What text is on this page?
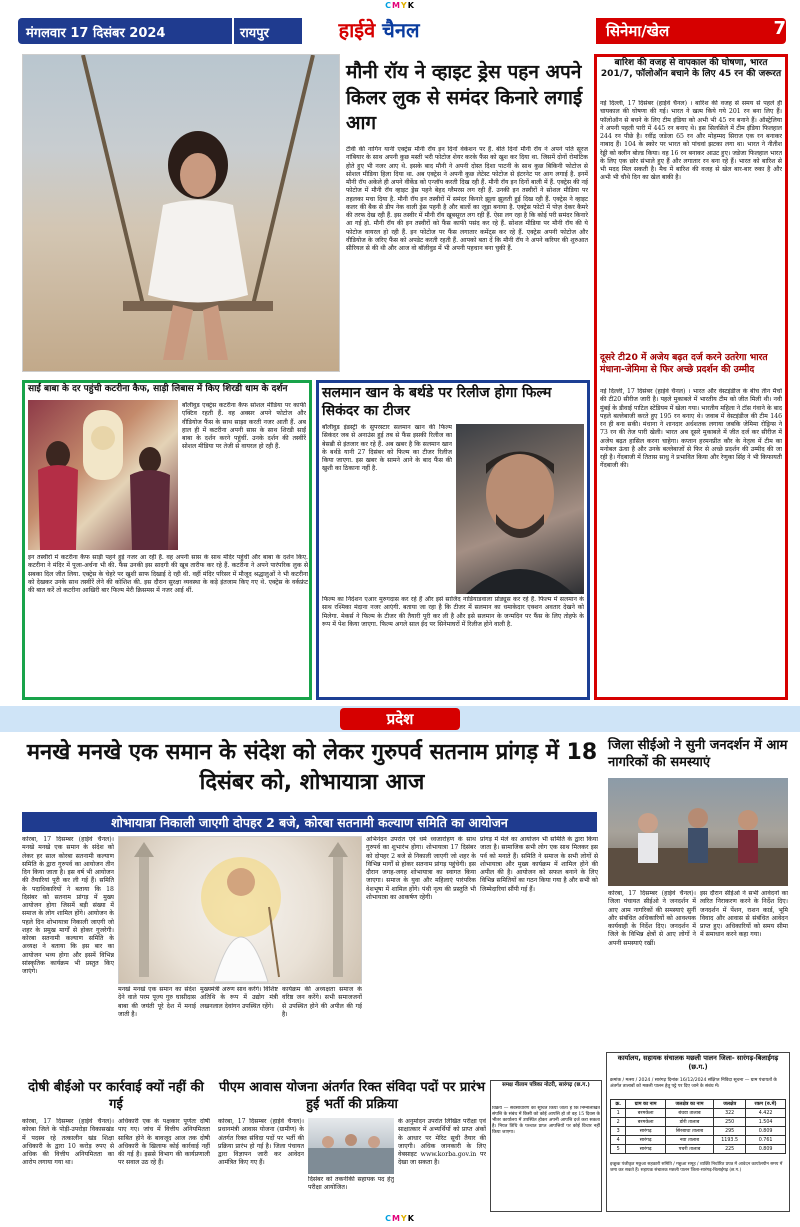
CMYK
मंगलवार 17 दिसंबर 2024	रायपुर	हाईवे चैनल	सिनेमा/खेल	7
मौनी रॉय ने व्हाइट ड्रेस पहन अपने किलर लुक से समंदर किनारे लगाई आग
टीवी की नागिन यानी एक्ट्रेस मौनी रॉय इन दिनों वेकेशन पर हैं. बीते दिनों मौनी रॉय ने अपने पति सूरज नांबियार के साथ अपनी कुछ मस्ती भरी फोटोज शेयर करके फैंस को खुश कर दिया था. जिसमें दोनों रोमांटिक होते हुए भी नजर आए थे. इसके बाद मौनी ने अपनी दोस्त दिशा पाटनी के साथ कुछ बिकिनी फोटोज से सोशल मीडिया हिला दिया था. अब एक्ट्रेस ने अपनी कुछ लेटेस्ट फोटोज से इंटरनेट पर आग लगाई है. इनमें मौनी रॉय अकेले ही अपने वीकेंड को एन्जॉय करती दिख रही हैं. मौनी रॉय इन दिनों बाली में हैं. एक्ट्रेस की नई फोटोज में मौनी रॉय व्हाइट ड्रेस पहने बेहद ग्लैमरस लग रही हैं. उनकी इन तस्वीरों ने सोशल मीडिया पर तहलका मचा दिया है. मौनी रॉय इन तस्वीरों में समंदर किनारे झूला झूलती हुई दिख रही हैं. एक्ट्रेस ने व्हाइट कलर की बैक से डीप नेक वाली ड्रेस पहनी है और बालों का जूड़ा बनाया है. एक्ट्रेस फोटो में पोज़ देकर कैमरे की तरफ देख रही हैं. इस तस्वीर में मौनी रॉय खूबसूरत लग रही हैं. ऐसा लग रहा है कि कोई परी समंदर किनारे आ गई हो. मौनी रॉय की इन तस्वीरों को फैंस काफी पसंद कर रहे हैं. सोशल मीडिया पर मौनी रॉय की ये फोटोज वायरल हो रही हैं. इन फोटोज पर फैंस लगातार कमेंट्स कर रहे हैं. एक्ट्रेस अपनी फोटोज और वीडियोज के जरिए फैंस को अपडेट करती रहती हैं. आपको बता दें कि मौनी रॉय ने अपने करियर की शुरुआत सीरियल से की थी और आज वो बॉलीवुड में भी अपनी पहचान बना चुकी हैं.
बारिश की वजह से वापकाल की घोषणा, भारत 201/7, फॉलोऑन बचाने के लिए 45 रन की जरूरत
नई दिल्ली, 17 दिसंबर (हाईवे चैनल) । बारिश की वजह से समय से पहले ही चायकाल की घोषणा की गई। भारत ने खत्म किये गये 201 रन बना लिए हैं। फॉलोऑन से बचने के लिए टीम इंडिया को अभी भी 45 रन बनाने हैं। ऑस्ट्रेलिया ने अपनी पहली पारी में 445 रन बनाए थे। इस सिलसिले में टीम इंडिया फिलहाल 244 रन पीछे है। रवींद्र जडेजा 65 रन और मोहम्मद सिराज एक रन बनाकर नाबाद हैं। 104 के स्कोर पर भारत को पांचवां झटका लगा था। भारत ने नीतीश रेड्डी को क्लीन बोल्ड किया। वह 16 रन बनाकर आउट हुए। जडेजा फिलहाल भारत के लिए एक छोर संभाले हुए हैं और लगातार रन बना रहे हैं। भारत को बारिश से भी मदद मिल सकती है। मैच में बारिश की वजह से खेल बार-बार रुका है और अभी भी चौथे दिन का खेल बाकी है।
दूसरे टी20 में अजेय बढ़त दर्ज करने उतरेगा भारत मंधाना-जेमिमा से फिर अच्छे प्रदर्शन की उम्मीद
नई दिल्ली, 17 दिसंबर (हाईवे चैनल) । भारत और वेस्टइंडीज के बीच तीन मैचों की टी20 सीरीज जारी है। पहले मुकाबले में भारतीय टीम को जीत मिली थी। नवी मुंबई के डीवाई पाटिल स्टेडियम में खेला गया। भारतीय महिला ने टॉस गंवाने के बाद पहले बल्लेबाजी करते हुए 195 रन बनाए थे। जवाब में वेस्टइंडीज की टीम 146 रन ही बना सकी। मंधाना ने शानदार अर्धशतक लगाया जबकि जेमिमा रोड्रिग्स ने 73 रन की तेज पारी खेली। भारत अब दूसरे मुकाबले में जीत दर्ज कर सीरीज में अजेय बढ़त हासिल करना चाहेगा। कप्तान हरमनप्रीत कौर के नेतृत्व में टीम का मनोबल ऊंचा है और उनके बल्लेबाजों से फिर से अच्छे प्रदर्शन की उम्मीद की जा रही है। गेंदबाजी में तितास साधु ने प्रभावित किया और रेणुका सिंह ने भी किफायती गेंदबाजी की।
साईं बाबा के दर पहुंची कटरीना कैफ, साड़ी लिबास में किए शिरडी धाम के दर्शन
बॉलीवुड एक्ट्रेस कटरीना कैफ सोशल मीडिया पर काफी एक्टिव रहती हैं. वह अक्सर अपने फोटोज और वीडियोज फैंस के साथ साझा करती नजर आती हैं. अब हाल ही में कटरीना अपनी सास के साथ शिरडी साईं बाबा के दर्शन करने पहुंचीं. उनके दर्शन की तस्वीरें सोशल मीडिया पर तेजी से वायरल हो रही हैं.
इन तस्वीरों में कटरीना कैफ साड़ी पहने हुई नजर आ रही हैं. वह अपनी सास के साथ मंदिर पहुंचीं और बाबा के दर्शन किए. कटरीना ने मंदिर में पूजा-अर्चना भी की. फैंस उनकी इस सादगी की खूब तारीफ कर रहे हैं. कटरीना ने अपने पारंपरिक लुक से सबका दिल जीत लिया. एक्ट्रेस के चेहरे पर खुशी साफ दिखाई दे रही थी. वहीं मंदिर परिसर में मौजूद श्रद्धालुओं ने भी कटरीना को देखकर उनके साथ तस्वीरें लेने की कोशिश की. इस दौरान सुरक्षा व्यवस्था के कड़े इंतजाम किए गए थे. एक्ट्रेस के वर्कफ्रंट की बात करें तो कटरीना आखिरी बार फिल्म मेरी क्रिसमस में नजर आई थीं.
सलमान खान के बर्थडे पर रिलीज होगा फिल्म सिकंदर का टीजर
बॉलीवुड इंडस्ट्री के सुपरस्टार सलमान खान की फिल्म सिकंदर जब से अनाउंस हुई तब से फैंस इसकी रिलीज का बेसब्री से इंतजार कर रहे हैं. अब खबर है कि सलमान खान के बर्थडे यानी 27 दिसंबर को फिल्म का टीजर रिलीज किया जाएगा. इस खबर के सामने आने के बाद फैंस की खुशी का ठिकाना नहीं है.
फिल्म का निर्देशन एआर मुरुगदास कर रहे हैं और इसे साजिद नाडियाडवाला प्रोड्यूस कर रहे हैं. फिल्म में सलमान के साथ रश्मिका मंदाना नजर आएंगी. बताया जा रहा है कि टीजर में सलमान का धमाकेदार एक्शन अवतार देखने को मिलेगा. मेकर्स ने फिल्म के टीजर की तैयारी पूरी कर ली है और इसे सलमान के जन्मदिन पर फैंस के लिए तोहफे के रूप में पेश किया जाएगा. फिल्म अगले साल ईद पर सिनेमाघरों में रिलीज होने वाली है.
प्रदेश
मनखे मनखे एक समान के संदेश को लेकर गुरुपर्व सतनाम प्रांगड़ में 18 दिसंबर को, शोभायात्रा आज
शोभायात्रा निकाली जाएगी दोपहर 2 बजे, कोरबा सतनामी कल्याण समिति का आयोजन
कोरबा, 17 दिसम्बर (हाईवे चैनल)। मनखे मनखे एक समान के संदेश को लेकर हर साल कोरबा सतनामी कल्याण समिति के द्वारा गुरुपर्व का आयोजन तीन दिन किया जाता है। इस वर्ष भी आयोजन की तैयारियां पूरी कर ली गई हैं। समिति के पदाधिकारियों ने बताया कि 18 दिसंबर को सतनाम प्रांगड़ में मुख्य आयोजन होगा जिसमें बड़ी संख्या में समाज के लोग शामिल होंगे। आयोजन के पहले दिन शोभायात्रा निकाली जाएगी जो शहर के प्रमुख मार्गों से होकर गुजरेगी। कोरबा सतनामी कल्याण समिति के अध्यक्ष ने बताया कि इस बार का आयोजन भव्य होगा और इसमें विभिन्न सांस्कृतिक कार्यक्रम भी प्रस्तुत किए जाएंगे।
मनखे मनखे एक समान का संदेश देने वाले परम पूज्य गुरु घासीदास बाबा की जयंती पूरे देश में मनाई जाती है।
मुख्यमंत्री अरुण साव करेंगे। विशिष्ट अतिथि के रूप में उद्योग मंत्री लखनलाल देवांगन उपस्थित रहेंगे।
कार्यक्रम की अध्यक्षता समाज के वरिष्ठ जन करेंगे। सभी समाजजनों से उपस्थित होने की अपील की गई है।
अभिनंदन उपरांत एवं धर्म ध्वजारोहण के साथ गुरुपर्व का शुभारंभ होगा। शोभायात्रा 17 दिसंबर को दोपहर 2 बजे से निकाली जाएगी जो शहर के विभिन्न मार्गों से होकर सतनाम प्रांगड़ पहुंचेगी। इस दौरान जगह-जगह शोभायात्रा का स्वागत किया जाएगा। समाज के युवा और महिलाएं पारंपरिक वेशभूषा में शामिल होंगे। पंथी नृत्य की प्रस्तुति भी शोभायात्रा का आकर्षण रहेगी।
प्रांगड़ में मेले का आयोजन भी समिति के द्वारा किया जाता है। सामाजिक सभी लोग एक साथ मिलकर इस पर्व को मनाते हैं। समिति ने समाज के सभी लोगों से शोभायात्रा और मुख्य कार्यक्रम में शामिल होने की अपील की है। आयोजन को सफल बनाने के लिए विभिन्न समितियों का गठन किया गया है और सभी को जिम्मेदारियां सौंपी गई हैं।
जिला सीईओ ने सुनी जनदर्शन में आम नागरिकों की समस्याएं
कोरबा, 17 दिसम्बर (हाईवे चैनल)। जिला पंचायत सीईओ ने जनदर्शन में आए आम नागरिकों की समस्याएं सुनीं और संबंधित अधिकारियों को आवश्यक कार्यवाही के निर्देश दिए। जनदर्शन में जिले के विभिन्न क्षेत्रों से आए लोगों ने अपनी समस्याएं रखीं।
इस दौरान सीईओ ने सभी आवेदनों का त्वरित निराकरण करने के निर्देश दिए। जनदर्शन में पेंशन, राशन कार्ड, भूमि विवाद और आवास से संबंधित आवेदन प्राप्त हुए। अधिकारियों को समय सीमा में समाधान करने कहा गया।
कार्यालय, सहायक संचालक मछली पालन जिला- सारंगढ़-बिलाईगढ़ (छ.ग.)
क्रमांक / मत्स्य / 2024 / सारंगढ़ दिनांक 16/12/2024 संक्षिप्त निविदा सूचना — ग्राम पंचायतों के अंतर्गत तालाबों को मछली पालन हेतु पट्टे पर दिए जाने के संबंध में।
क्र.	ग्राम का नाम	जलक्षेत्र का नाम	जलक्षेत्र	रकम (रु.में)
1	बरमकेला	बंधवा तालाब	322	4.422
2	बरमकेला	डोरी तालाब	250	1.504
3	सारंगढ़	सिरबाधा तालाब	295	0.809
4	सारंगढ़	नवा तालाब	1193.5	0.761
5	सारंगढ़	पचरी तालाब	225	0.809
इच्छुक पंजीकृत मछुआ सहकारी समिति / मछुआ समूह / व्यक्ति निर्धारित प्रपत्र में आवेदन कार्यालयीन समय में जमा कर सकते हैं। सहायक संचालक मछली पालन जिला-सारंगढ़-बिलाईगढ़ (छ.ग.)
दोषी बीईओ पर कार्रवाई क्यों नहीं की गई
कोरबा, 17 दिसम्बर (हाईवे चैनल)। कोरबा जिले के पोड़ी-उपरोड़ा विकासखंड में पदस्थ रहे तत्कालीन खंड शिक्षा अधिकारी के द्वारा 10 करोड़ रुपए से अधिक की वित्तीय अनियमितता का आरोप लगाया गया था।
अधिकारी एक के पक्षकार पूर्णतः दोषी पाए गए। जांच में वित्तीय अनियमितता साबित होने के बावजूद आज तक दोषी अधिकारी के खिलाफ कोई कार्रवाई नहीं की गई है। इससे विभाग की कार्यप्रणाली पर सवाल उठ रहे हैं।
पीएम आवास योजना अंतर्गत रिक्त संविदा पदों पर प्रारंभ हुई भर्ती की प्रक्रिया
कोरबा, 17 दिसम्बर (हाईवे चैनल)। प्रधानमंत्री आवास योजना (ग्रामीण) के अंतर्गत रिक्त संविदा पदों पर भर्ती की प्रक्रिया प्रारंभ हो गई है। जिला पंचायत द्वारा विज्ञापन जारी कर आवेदन आमंत्रित किए गए हैं।
दिसंबर को तकनीकी सहायक पद हेतु परीक्षा आयोजित।
के अनुमोदन उपरांत लिखित परीक्षा एवं साक्षात्कार में अभ्यर्थियों को प्राप्त अंकों के आधार पर मेरिट सूची तैयार की जाएगी। अधिक जानकारी के लिए वेबसाइट www.korba.gov.in पर देखा जा सकता है।
समक्ष नीलाम पत्रिका नोटरी, सारंगढ़ (छ.ग.)
विक्रय — सर्वसाधारण को सूचित किया जाता है कि निम्नलिखित संपत्ति के संबंध में किसी को कोई आपत्ति हो तो वह 15 दिवस के भीतर कार्यालय में उपस्थित होकर अपनी आपत्ति दर्ज करा सकता है। नियत तिथि के पश्चात प्राप्त आपत्तियों पर कोई विचार नहीं किया जाएगा।
CMYK
